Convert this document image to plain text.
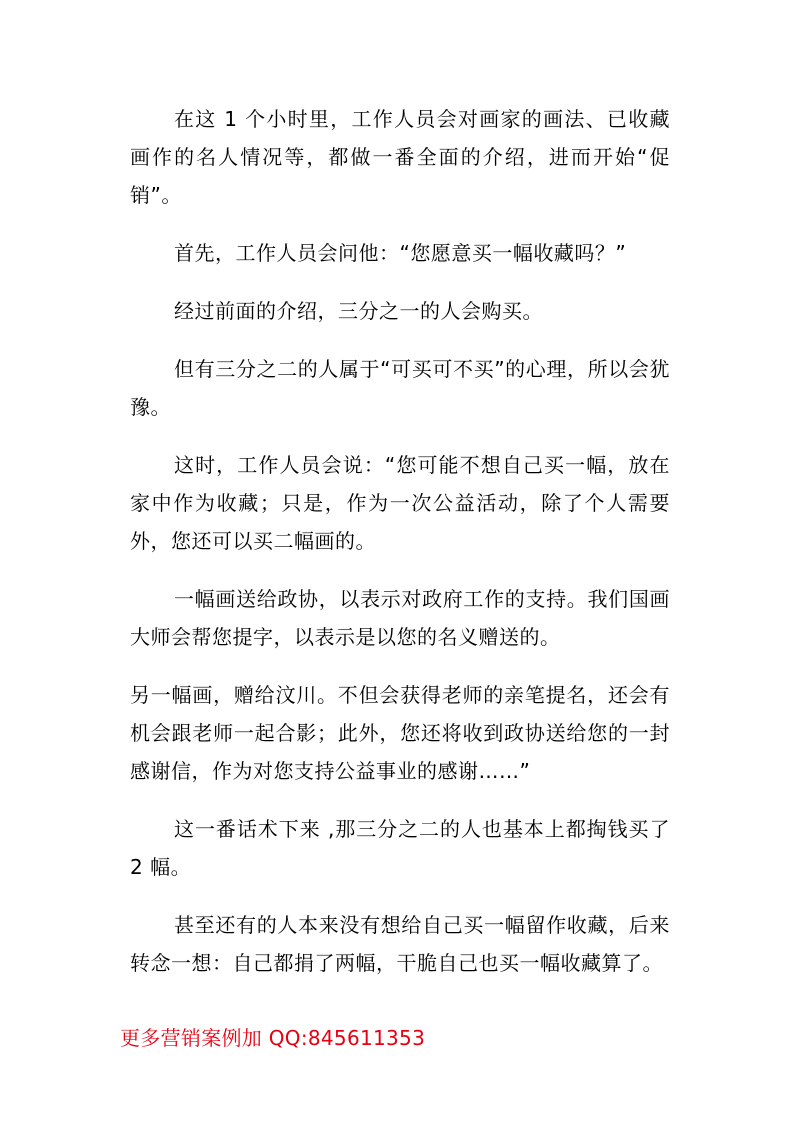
在这 1 个小时里，工作人员会对画家的画法、已收藏画作的名人情况等，都做一番全面的介绍，进而开始“促销”。

首先，工作人员会问他：“您愿意买一幅收藏吗？”

经过前面的介绍，三分之一的人会购买。

但有三分之二的人属于“可买可不买”的心理，所以会犹豫。

这时，工作人员会说：“您可能不想自己买一幅，放在家中作为收藏；只是，作为一次公益活动，除了个人需要外，您还可以买二幅画的。

一幅画送给政协，以表示对政府工作的支持。我们国画大师会帮您提字，以表示是以您的名义赠送的。

另一幅画，赠给汶川。不但会获得老师的亲笔提名，还会有机会跟老师一起合影；此外，您还将收到政协送给您的一封感谢信，作为对您支持公益事业的感谢……”

这一番话术下来 ,那三分之二的人也基本上都掏钱买了 2 幅。

甚至还有的人本来没有想给自己买一幅留作收藏，后来转念一想：自己都捐了两幅，干脆自己也买一幅收藏算了。

更多营销案例加 QQ:845611353
